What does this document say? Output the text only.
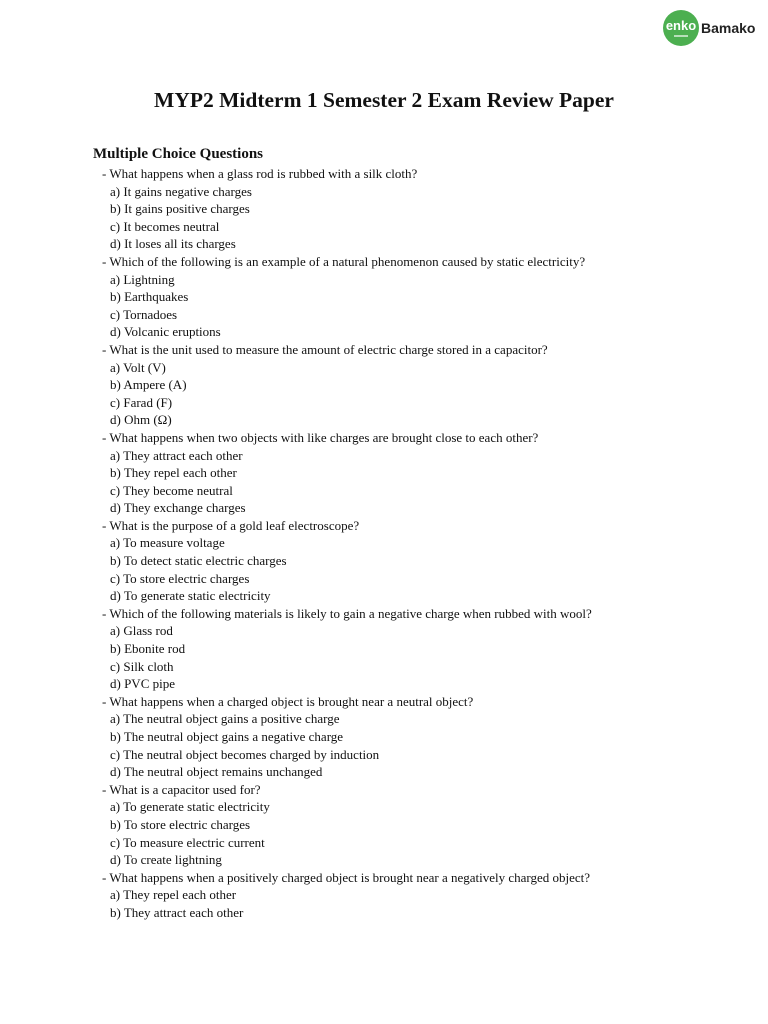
enko Bamako
MYP2 Midterm 1 Semester 2 Exam Review Paper
Multiple Choice Questions
- What happens when a glass rod is rubbed with a silk cloth?
a) It gains negative charges
b) It gains positive charges
c) It becomes neutral
d) It loses all its charges
- Which of the following is an example of a natural phenomenon caused by static electricity?
a) Lightning
b) Earthquakes
c) Tornadoes
d) Volcanic eruptions
- What is the unit used to measure the amount of electric charge stored in a capacitor?
a) Volt (V)
b) Ampere (A)
c) Farad (F)
d) Ohm (Ω)
- What happens when two objects with like charges are brought close to each other?
a) They attract each other
b) They repel each other
c) They become neutral
d) They exchange charges
- What is the purpose of a gold leaf electroscope?
a) To measure voltage
b) To detect static electric charges
c) To store electric charges
d) To generate static electricity
- Which of the following materials is likely to gain a negative charge when rubbed with wool?
a) Glass rod
b) Ebonite rod
c) Silk cloth
d) PVC pipe
- What happens when a charged object is brought near a neutral object?
a) The neutral object gains a positive charge
b) The neutral object gains a negative charge
c) The neutral object becomes charged by induction
d) The neutral object remains unchanged
- What is a capacitor used for?
a) To generate static electricity
b) To store electric charges
c) To measure electric current
d) To create lightning
- What happens when a positively charged object is brought near a negatively charged object?
a) They repel each other
b) They attract each other
